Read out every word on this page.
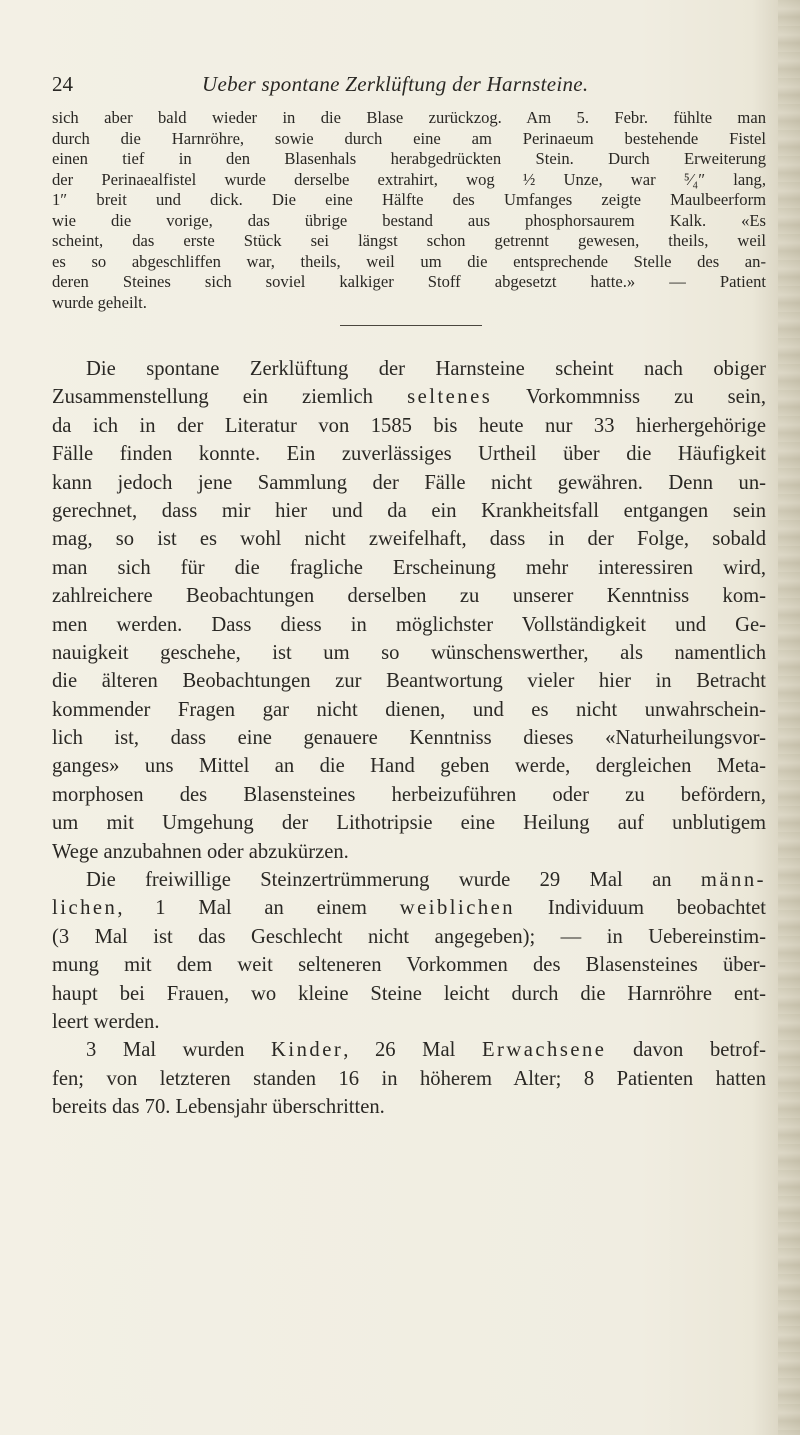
24	Ueber spontane Zerklüftung der Harnsteine.
sich aber bald wieder in die Blase zurückzog. Am 5. Febr. fühlte man
durch die Harnröhre, sowie durch eine am Perinaeum bestehende Fistel
einen tief in den Blasenhals herabgedrückten Stein. Durch Erweiterung
der Perinaealfistel wurde derselbe extrahirt, wog ½ Unze, war ⁵⁄₄″ lang,
1″ breit und dick. Die eine Hälfte des Umfanges zeigte Maulbeerform
wie die vorige, das übrige bestand aus phosphorsaurem Kalk. «Es
scheint, das erste Stück sei längst schon getrennt gewesen, theils, weil
es so abgeschliffen war, theils, weil um die entsprechende Stelle des an-
deren Steines sich soviel kalkiger Stoff abgesetzt hatte.» — Patient
wurde geheilt.
Die spontane Zerklüftung der Harnsteine scheint nach obiger
Zusammenstellung ein ziemlich seltenes Vorkommniss zu sein,
da ich in der Literatur von 1585 bis heute nur 33 hierhergehörige
Fälle finden konnte. Ein zuverlässiges Urtheil über die Häufigkeit
kann jedoch jene Sammlung der Fälle nicht gewähren. Denn un-
gerechnet, dass mir hier und da ein Krankheitsfall entgangen sein
mag, so ist es wohl nicht zweifelhaft, dass in der Folge, sobald
man sich für die fragliche Erscheinung mehr interessiren wird,
zahlreichere Beobachtungen derselben zu unserer Kenntniss kom-
men werden. Dass diess in möglichster Vollständigkeit und Ge-
nauigkeit geschehe, ist um so wünschenswerther, als namentlich
die älteren Beobachtungen zur Beantwortung vieler hier in Betracht
kommender Fragen gar nicht dienen, und es nicht unwahrschein-
lich ist, dass eine genauere Kenntniss dieses «Naturheilungsvor-
ganges» uns Mittel an die Hand geben werde, dergleichen Meta-
morphosen des Blasensteines herbeizuführen oder zu befördern,
um mit Umgehung der Lithotripsie eine Heilung auf unblutigem
Wege anzubahnen oder abzukürzen.
Die freiwillige Steinzertrümmerung wurde 29 Mal an männ-
lichen, 1 Mal an einem weiblichen Individuum beobachtet
(3 Mal ist das Geschlecht nicht angegeben); — in Uebereinstim-
mung mit dem weit selteneren Vorkommen des Blasensteines über-
haupt bei Frauen, wo kleine Steine leicht durch die Harnröhre ent-
leert werden.
3 Mal wurden Kinder, 26 Mal Erwachsene davon betrof-
fen; von letzteren standen 16 in höherem Alter; 8 Patienten hatten
bereits das 70. Lebensjahr überschritten.
